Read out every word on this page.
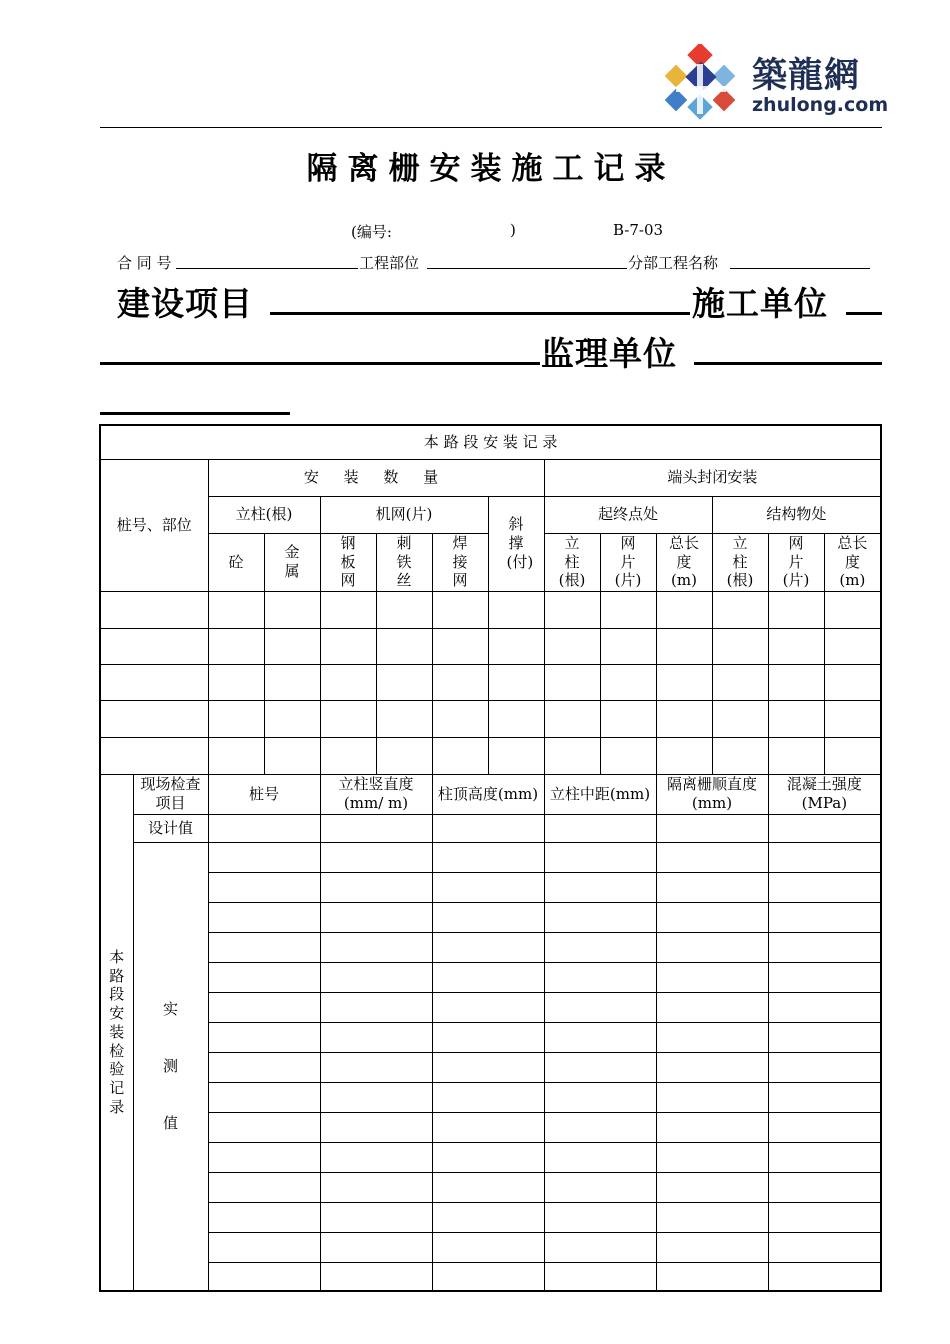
築龍網
zhulong.com
隔离栅安装施工记录
(编号:	)	B-7-03
合 同 号	工程部位	分部工程名称
建设项目	施工单位
监理单位
本 路 段 安 装 记 录													
桩号、部位		安 装 数 量						端头封闭安装					
		立柱(根)		机网(片)			斜撑(付)	起终点处			结构物处		
		砼	金属	钢板网	刺铁丝	焊接网		立柱(根)	网片(片)	总长度(m)	立柱(根)	网片(片)	总长度(m)

本路段安装检验记录	现场检查项目	桩号		立柱竖直度(mm/ m)		柱顶高度(mm)		立柱中距(mm)		隔离栅顺直度(mm)		混凝土强度(MPa)	
	设计值												

	实
测
值												
